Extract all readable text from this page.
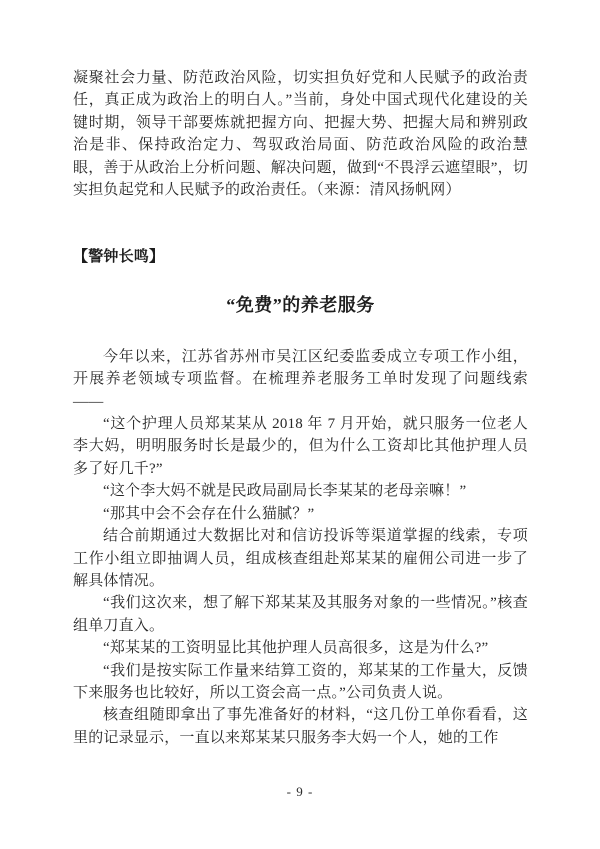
凝聚社会力量、防范政治风险，切实担负好党和人民赋予的政治责任，真正成为政治上的明白人。”当前，身处中国式现代化建设的关键时期，领导干部要炼就把握方向、把握大势、把握大局和辨别政治是非、保持政治定力、驾驭政治局面、防范政治风险的政治慧眼，善于从政治上分析问题、解决问题，做到“不畏浮云遮望眼”，切实担负起党和人民赋予的政治责任。（来源：清风扬帆网）

【警钟长鸣】

“免费”的养老服务

今年以来，江苏省苏州市吴江区纪委监委成立专项工作小组，开展养老领域专项监督。在梳理养老服务工单时发现了问题线索——

“这个护理人员郑某某从 2018 年 7 月开始，就只服务一位老人李大妈，明明服务时长是最少的，但为什么工资却比其他护理人员多了好几千?”

“这个李大妈不就是民政局副局长李某某的老母亲嘛！”

“那其中会不会存在什么猫腻？”

结合前期通过大数据比对和信访投诉等渠道掌握的线索，专项工作小组立即抽调人员，组成核查组赴郑某某的雇佣公司进一步了解具体情况。

“我们这次来，想了解下郑某某及其服务对象的一些情况。”核查组单刀直入。

“郑某某的工资明显比其他护理人员高很多，这是为什么?”

“我们是按实际工作量来结算工资的，郑某某的工作量大，反馈下来服务也比较好，所以工资会高一点。”公司负责人说。

核查组随即拿出了事先准备好的材料，“这几份工单你看看，这里的记录显示，一直以来郑某某只服务李大妈一个人，她的工作

- 9 -
